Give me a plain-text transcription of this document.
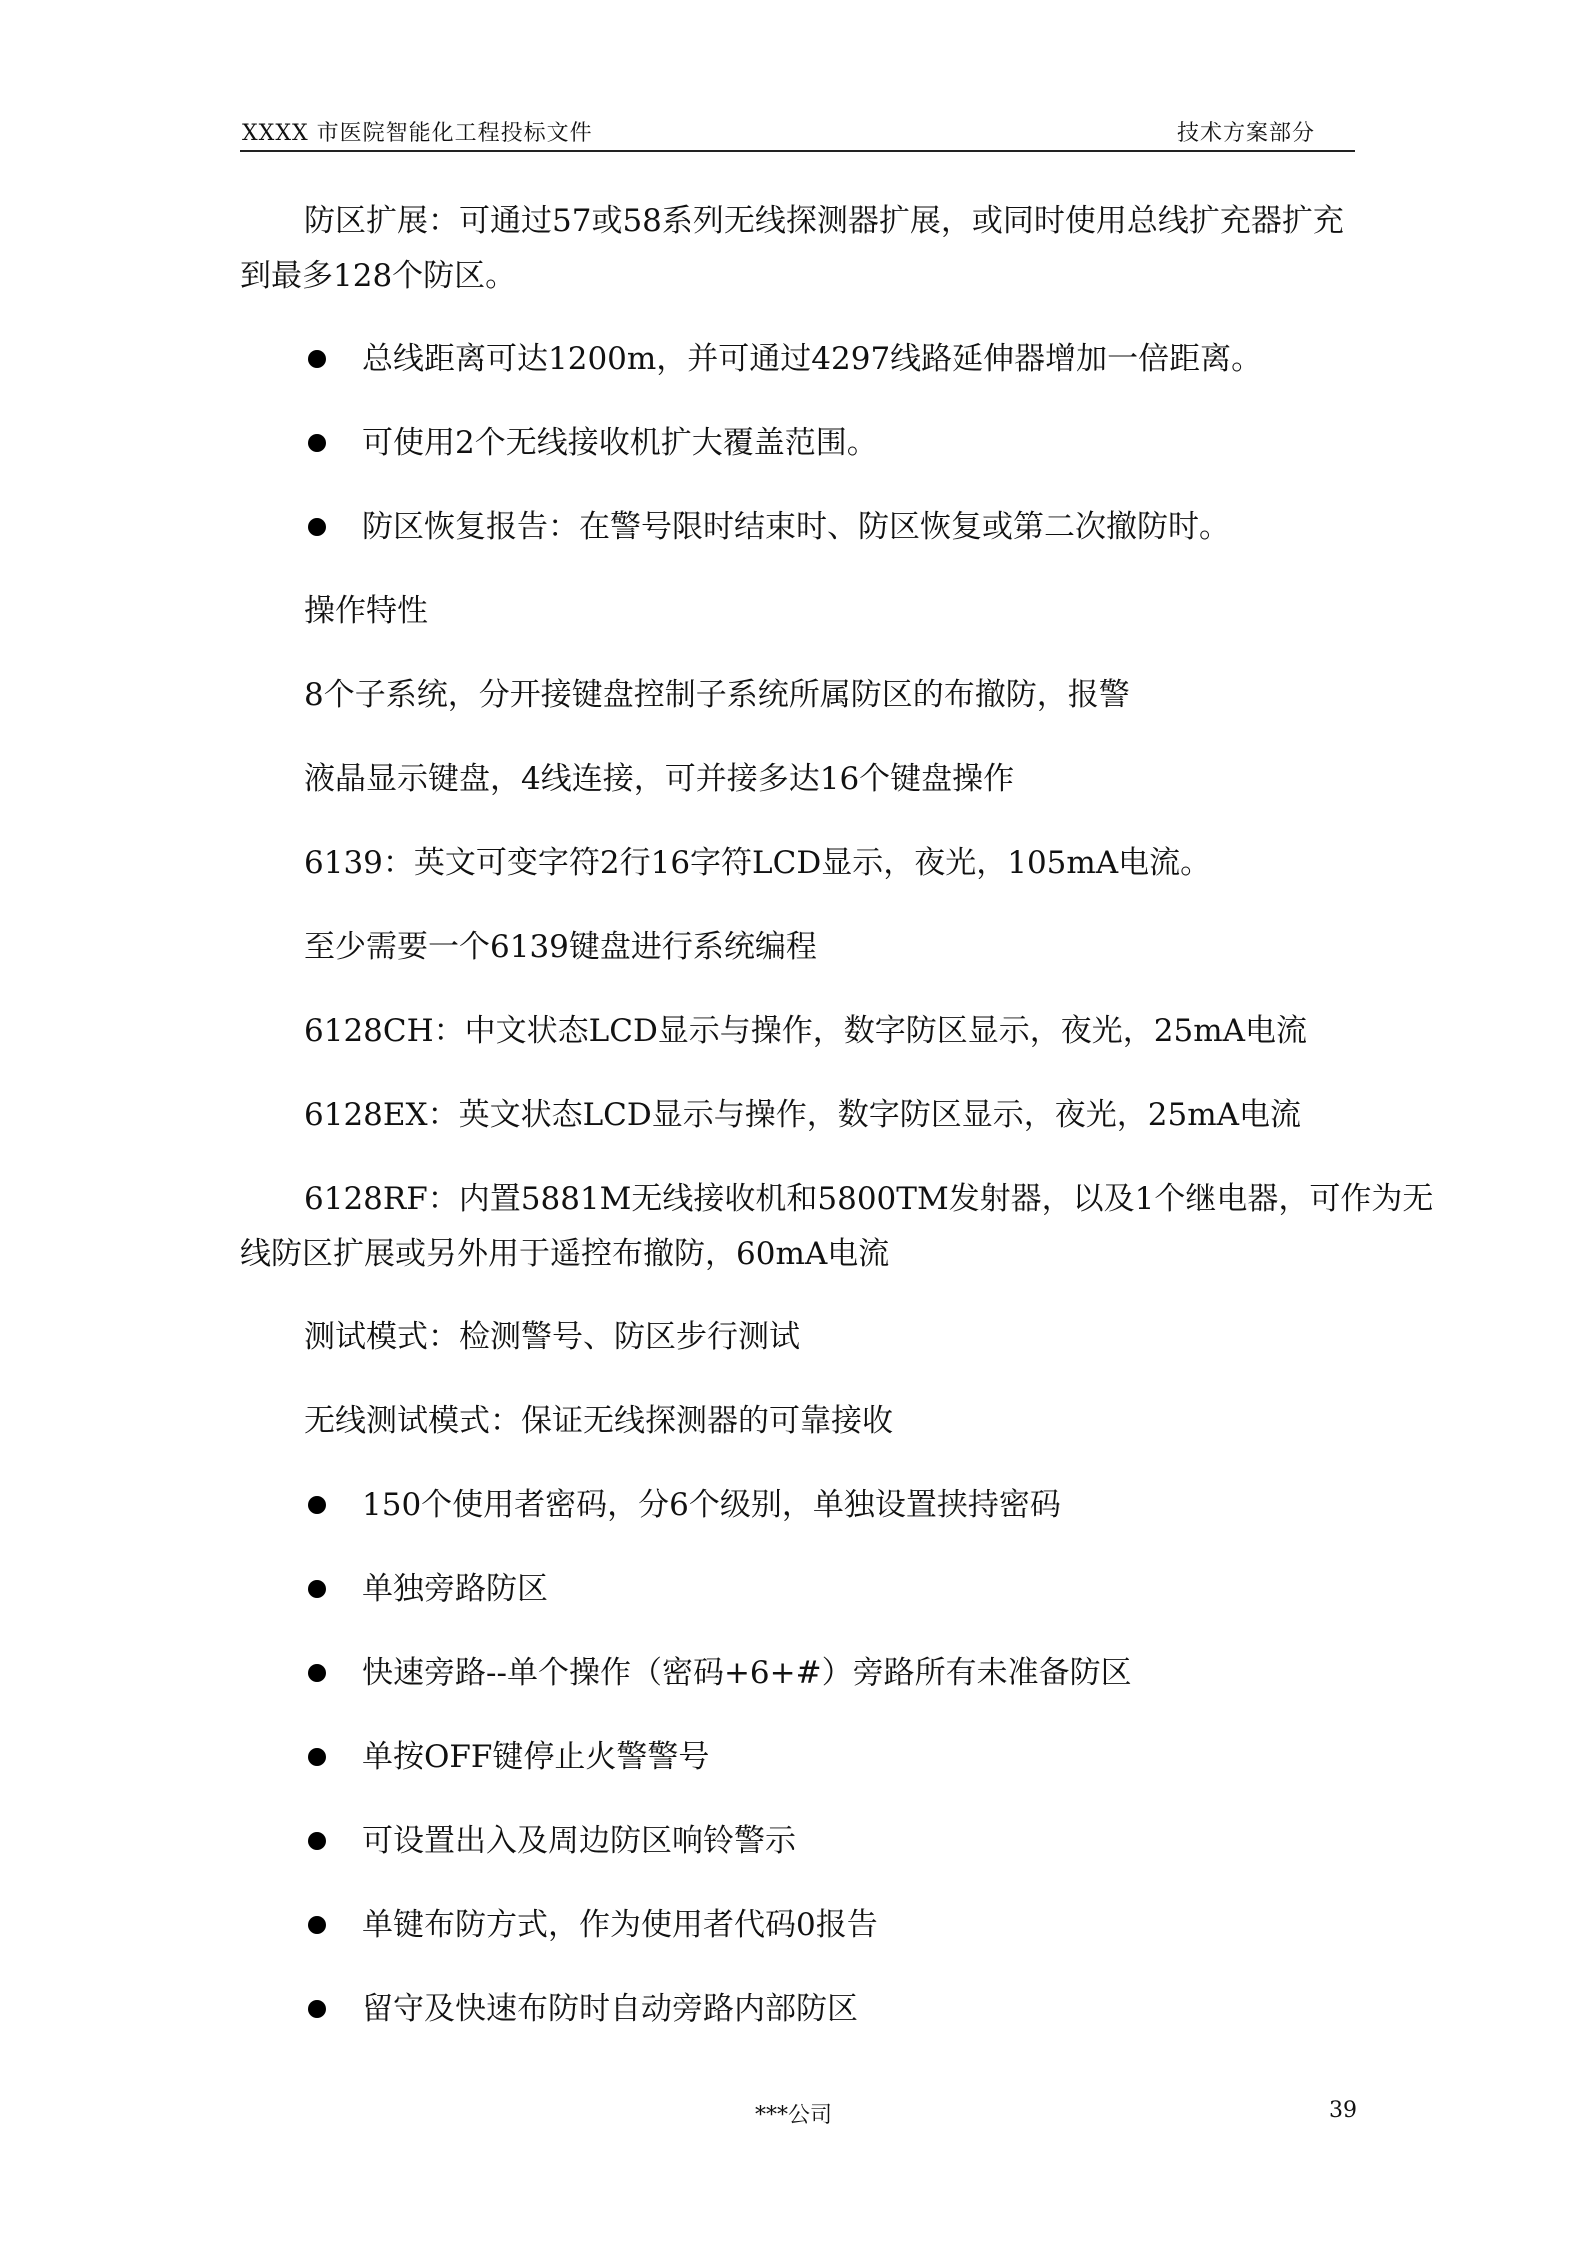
XXXX 市医院智能化工程投标文件	技术方案部分
防区扩展：可通过57或58系列无线探测器扩展，或同时使用总线扩充器扩充
到最多128个防区。
总线距离可达1200m，并可通过4297线路延伸器增加一倍距离。
可使用2个无线接收机扩大覆盖范围。
防区恢复报告：在警号限时结束时、防区恢复或第二次撤防时。
操作特性
8个子系统，分开接键盘控制子系统所属防区的布撤防，报警
液晶显示键盘，4线连接，可并接多达16个键盘操作
6139：英文可变字符2行16字符LCD显示，夜光，105mA电流。
至少需要一个6139键盘进行系统编程
6128CH：中文状态LCD显示与操作，数字防区显示，夜光，25mA电流
6128EX：英文状态LCD显示与操作，数字防区显示，夜光，25mA电流
6128RF：内置5881M无线接收机和5800TM发射器，以及1个继电器，可作为无
线防区扩展或另外用于遥控布撤防，60mA电流
测试模式：检测警号、防区步行测试
无线测试模式：保证无线探测器的可靠接收
150个使用者密码，分6个级别，单独设置挟持密码
单独旁路防区
快速旁路--单个操作（密码+6+#）旁路所有未准备防区
单按OFF键停止火警警号
可设置出入及周边防区响铃警示
单键布防方式，作为使用者代码0报告
留守及快速布防时自动旁路内部防区
***公司	39
